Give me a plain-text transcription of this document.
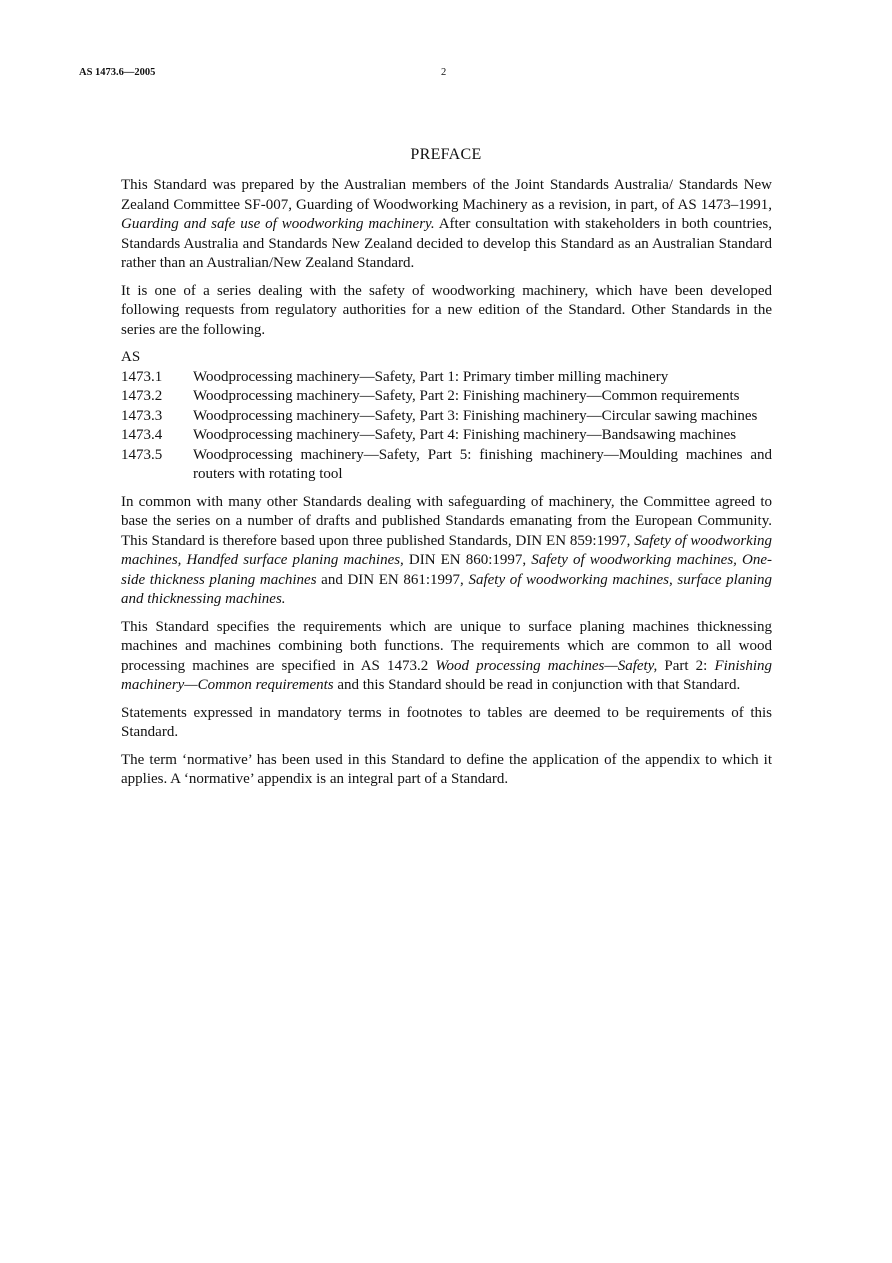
AS 1473.6—2005	2
PREFACE

This Standard was prepared by the Australian members of the Joint Standards Australia/ Standards New Zealand Committee SF-007, Guarding of Woodworking Machinery as a revision, in part, of AS 1473–1991, Guarding and safe use of woodworking machinery. After consultation with stakeholders in both countries, Standards Australia and Standards New Zealand decided to develop this Standard as an Australian Standard rather than an Australian/New Zealand Standard.

It is one of a series dealing with the safety of woodworking machinery, which have been developed following requests from regulatory authorities for a new edition of the Standard. Other Standards in the series are the following.

AS
1473.1	Woodprocessing machinery—Safety, Part 1: Primary timber milling machinery
1473.2	Woodprocessing machinery—Safety, Part 2: Finishing machinery—Common requirements
1473.3	Woodprocessing machinery—Safety, Part 3: Finishing machinery—Circular sawing machines
1473.4	Woodprocessing machinery—Safety, Part 4: Finishing machinery—Bandsawing machines
1473.5	Woodprocessing machinery—Safety, Part 5: finishing machinery—Moulding machines and routers with rotating tool

In common with many other Standards dealing with safeguarding of machinery, the Committee agreed to base the series on a number of drafts and published Standards emanating from the European Community. This Standard is therefore based upon three published Standards, DIN EN 859:1997, Safety of woodworking machines, Handfed surface planing machines, DIN EN 860:1997, Safety of woodworking machines, One-side thickness planing machines and DIN EN 861:1997, Safety of woodworking machines, surface planing and thicknessing machines.

This Standard specifies the requirements which are unique to surface planing machines thicknessing machines and machines combining both functions. The requirements which are common to all wood processing machines are specified in AS 1473.2 Wood processing machines—Safety, Part 2: Finishing machinery—Common requirements and this Standard should be read in conjunction with that Standard.

Statements expressed in mandatory terms in footnotes to tables are deemed to be requirements of this Standard.

The term ‘normative’ has been used in this Standard to define the application of the appendix to which it applies. A ‘normative’ appendix is an integral part of a Standard.
